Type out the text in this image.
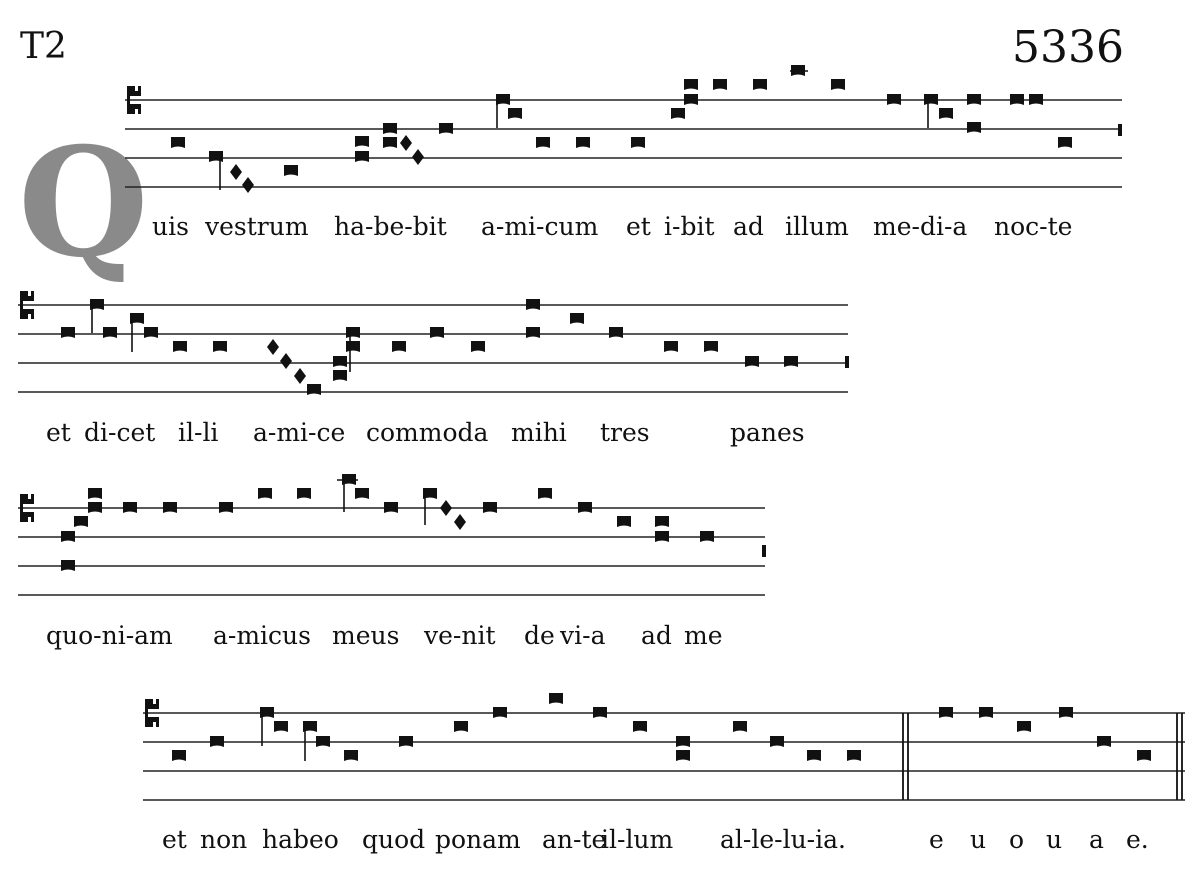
T2	5336
Q uis vestrum ha-be-bit a-mi-cum et i-bit ad illum me-di-a noc-te
et di-cet il-li a-mi-ce commoda mihi tres	panes
quo-ni-am a-micus meus ve-nit de vi-a ad me
et non habeo quod ponam an-te
il-lum al-le-lu-ia.	e u o u a e.
